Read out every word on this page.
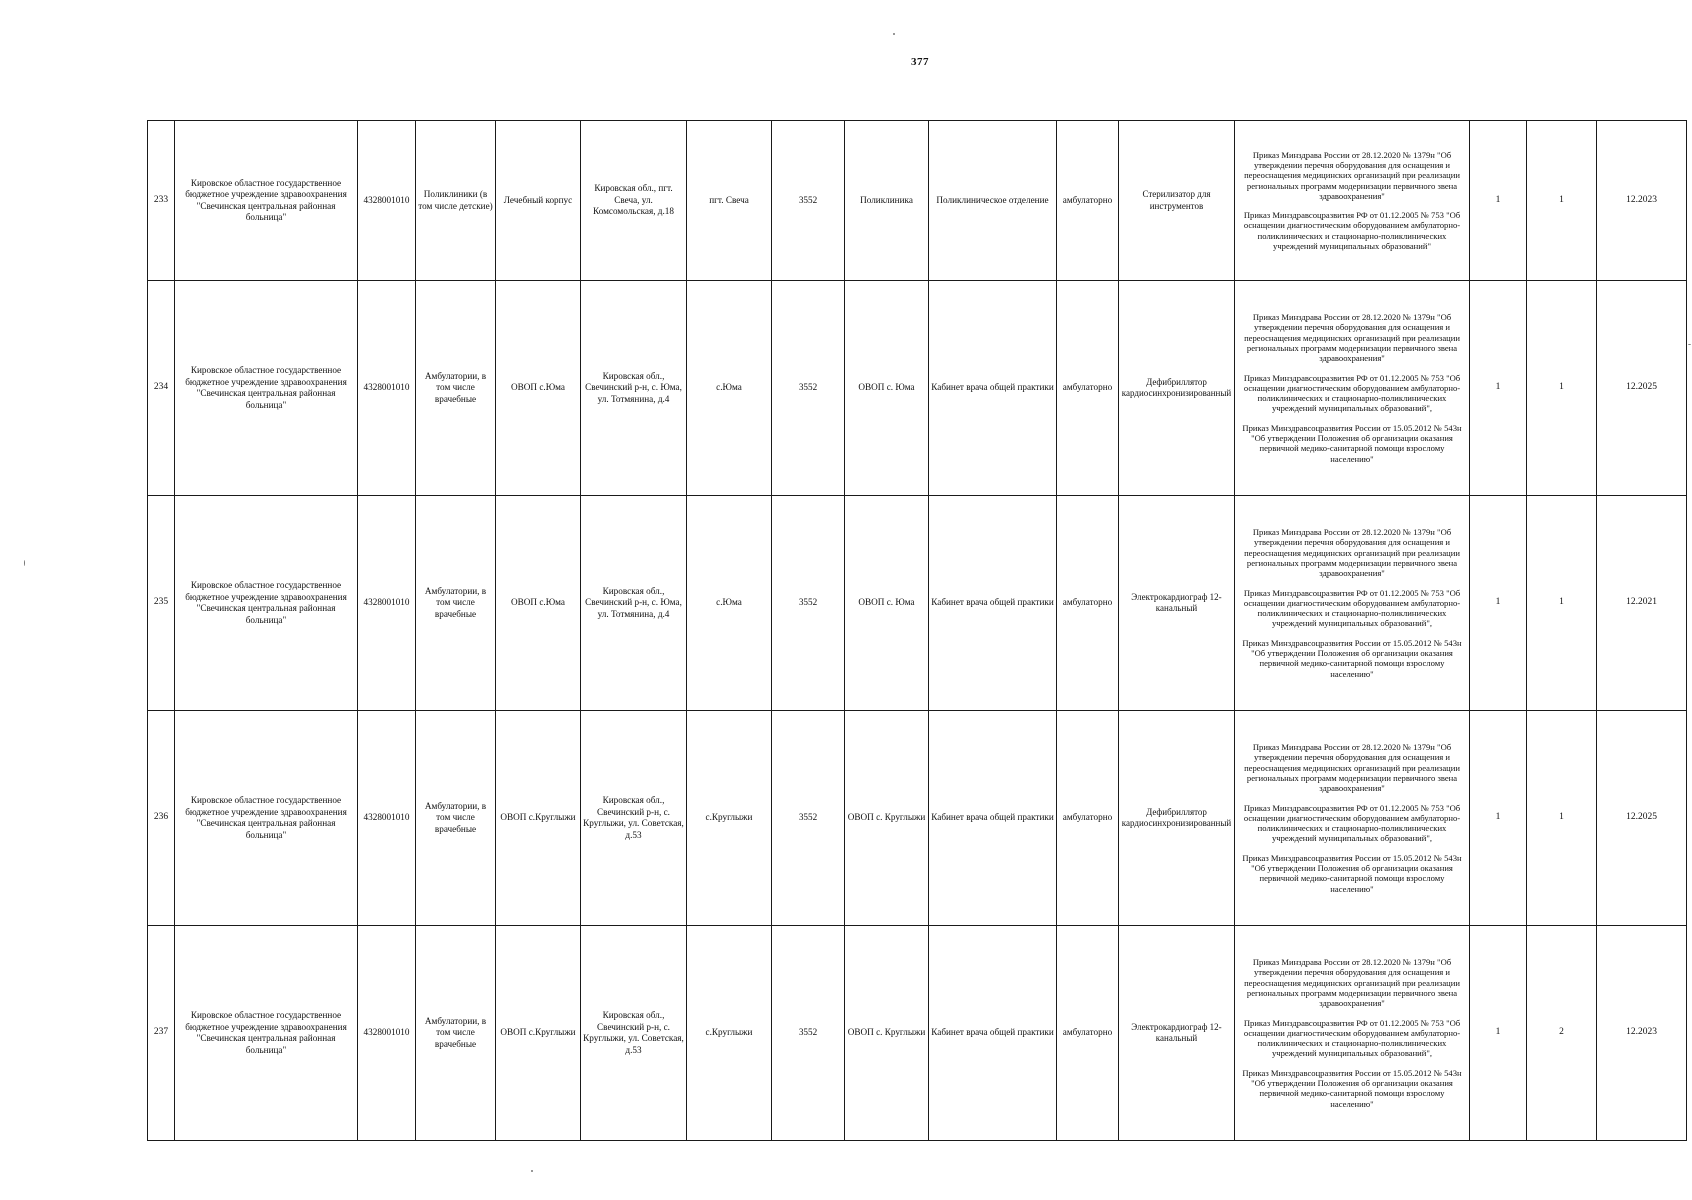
377
233	Кировское областное государственное бюджетное учреждение здравоохранения "Свечинская центральная районная больница"	4328001010	Поликлиники (в том числе детские)	Лечебный корпус	Кировская обл., пгт. Свеча, ул. Комсомольская, д.18	пгт. Свеча	3552	Поликлиника	Поликлиническое отделение	амбулаторно	Стерилизатор для инструментов	Приказ Минздрава России от 28.12.2020 № 1379н "Об утверждении перечня оборудования для оснащения и переоснащения медицинских организаций при реализации региональных программ модернизации первичного звена здравоохранения"

Приказ Минздравсоцразвития РФ от 01.12.2005 № 753 "Об оснащении диагностическим оборудованием амбулаторно-поликлинических и стационарно-поликлинических учреждений муниципальных образований"	1	1	12.2023
234	Кировское областное государственное бюджетное учреждение здравоохранения "Свечинская центральная районная больница"	4328001010	Амбулатории, в том числе врачебные	ОВОП с.Юма	Кировская обл., Свечинский р-н, с. Юма, ул. Тотмянина, д.4	с.Юма	3552	ОВОП с. Юма	Кабинет врача общей практики	амбулаторно	Дефибриллятор кардиосинхронизированный	Приказ Минздрава России от 28.12.2020 № 1379н "Об утверждении перечня оборудования для оснащения и переоснащения медицинских организаций при реализации региональных программ модернизации первичного звена здравоохранения"

Приказ Минздравсоцразвития РФ от 01.12.2005 № 753 "Об оснащении диагностическим оборудованием амбулаторно-поликлинических и стационарно-поликлинических учреждений муниципальных образований",

Приказ Минздравсоцразвития России от 15.05.2012 № 543н "Об утверждении Положения об организации оказания первичной медико-санитарной помощи взрослому населению"	1	1	12.2025
235	Кировское областное государственное бюджетное учреждение здравоохранения "Свечинская центральная районная больница"	4328001010	Амбулатории, в том числе врачебные	ОВОП с.Юма	Кировская обл., Свечинский р-н, с. Юма, ул. Тотмянина, д.4	с.Юма	3552	ОВОП с. Юма	Кабинет врача общей практики	амбулаторно	Электрокардиограф 12-канальный	Приказ Минздрава России от 28.12.2020 № 1379н "Об утверждении перечня оборудования для оснащения и переоснащения медицинских организаций при реализации региональных программ модернизации первичного звена здравоохранения"

Приказ Минздравсоцразвития РФ от 01.12.2005 № 753 "Об оснащении диагностическим оборудованием амбулаторно-поликлинических и стационарно-поликлинических учреждений муниципальных образований",

Приказ Минздравсоцразвития России от 15.05.2012 № 543н "Об утверждении Положения об организации оказания первичной медико-санитарной помощи взрослому населению"	1	1	12.2021
236	Кировское областное государственное бюджетное учреждение здравоохранения "Свечинская центральная районная больница"	4328001010	Амбулатории, в том числе врачебные	ОВОП с.Круглыжи	Кировская обл., Свечинский р-н, с. Круглыжи, ул. Советская, д.53	с.Круглыжи	3552	ОВОП с. Круглыжи	Кабинет врача общей практики	амбулаторно	Дефибриллятор кардиосинхронизированный	Приказ Минздрава России от 28.12.2020 № 1379н "Об утверждении перечня оборудования для оснащения и переоснащения медицинских организаций при реализации региональных программ модернизации первичного звена здравоохранения"

Приказ Минздравсоцразвития РФ от 01.12.2005 № 753 "Об оснащении диагностическим оборудованием амбулаторно-поликлинических и стационарно-поликлинических учреждений муниципальных образований",

Приказ Минздравсоцразвития России от 15.05.2012 № 543н "Об утверждении Положения об организации оказания первичной медико-санитарной помощи взрослому населению"	1	1	12.2025
237	Кировское областное государственное бюджетное учреждение здравоохранения "Свечинская центральная районная больница"	4328001010	Амбулатории, в том числе врачебные	ОВОП с.Круглыжи	Кировская обл., Свечинский р-н, с. Круглыжи, ул. Советская, д.53	с.Круглыжи	3552	ОВОП с. Круглыжи	Кабинет врача общей практики	амбулаторно	Электрокардиограф 12-канальный	Приказ Минздрава России от 28.12.2020 № 1379н "Об утверждении перечня оборудования для оснащения и переоснащения медицинских организаций при реализации региональных программ модернизации первичного звена здравоохранения"

Приказ Минздравсоцразвития РФ от 01.12.2005 № 753 "Об оснащении диагностическим оборудованием амбулаторно-поликлинических и стационарно-поликлинических учреждений муниципальных образований",

Приказ Минздравсоцразвития России от 15.05.2012 № 543н "Об утверждении Положения об организации оказания первичной медико-санитарной помощи взрослому населению"	1	2	12.2023
